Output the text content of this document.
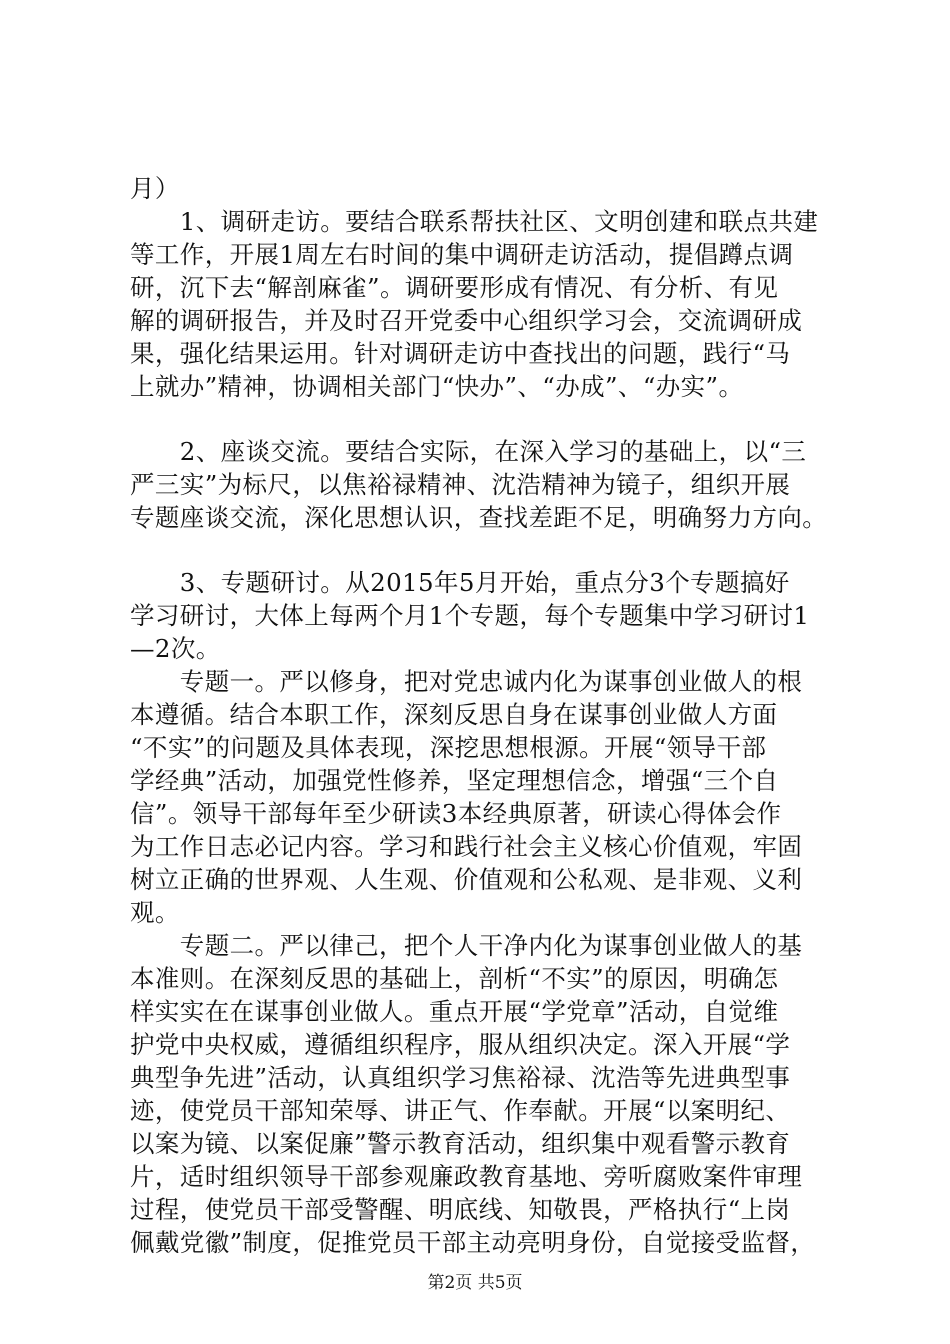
月）
　　1、调研走访。要结合联系帮扶社区、文明创建和联点共建
等工作，开展1周左右时间的集中调研走访活动，提倡蹲点调
研，沉下去“解剖麻雀”。调研要形成有情况、有分析、有见
解的调研报告，并及时召开党委中心组织学习会，交流调研成
果，强化结果运用。针对调研走访中查找出的问题，践行“马
上就办”精神，协调相关部门“快办”、“办成”、“办实”。
　　2、座谈交流。要结合实际，在深入学习的基础上，以“三
严三实”为标尺，以焦裕禄精神、沈浩精神为镜子，组织开展
专题座谈交流，深化思想认识，查找差距不足，明确努力方向。
　　3、专题研讨。从2015年5月开始，重点分3个专题搞好
学习研讨，大体上每两个月1个专题，每个专题集中学习研讨1
—2次。
　　专题一。严以修身，把对党忠诚内化为谋事创业做人的根
本遵循。结合本职工作，深刻反思自身在谋事创业做人方面
“不实”的问题及具体表现，深挖思想根源。开展“领导干部
学经典”活动，加强党性修养，坚定理想信念，增强“三个自
信”。领导干部每年至少研读3本经典原著，研读心得体会作
为工作日志必记内容。学习和践行社会主义核心价值观，牢固
树立正确的世界观、人生观、价值观和公私观、是非观、义利
观。
　　专题二。严以律己，把个人干净内化为谋事创业做人的基
本准则。在深刻反思的基础上，剖析“不实”的原因，明确怎
样实实在在谋事创业做人。重点开展“学党章”活动，自觉维
护党中央权威，遵循组织程序，服从组织决定。深入开展“学
典型争先进”活动，认真组织学习焦裕禄、沈浩等先进典型事
迹，使党员干部知荣辱、讲正气、作奉献。开展“以案明纪、
以案为镜、以案促廉”警示教育活动，组织集中观看警示教育
片，适时组织领导干部参观廉政教育基地、旁听腐败案件审理
过程，使党员干部受警醒、明底线、知敬畏，严格执行“上岗
佩戴党徽”制度，促推党员干部主动亮明身份，自觉接受监督，
第2页 共5页
